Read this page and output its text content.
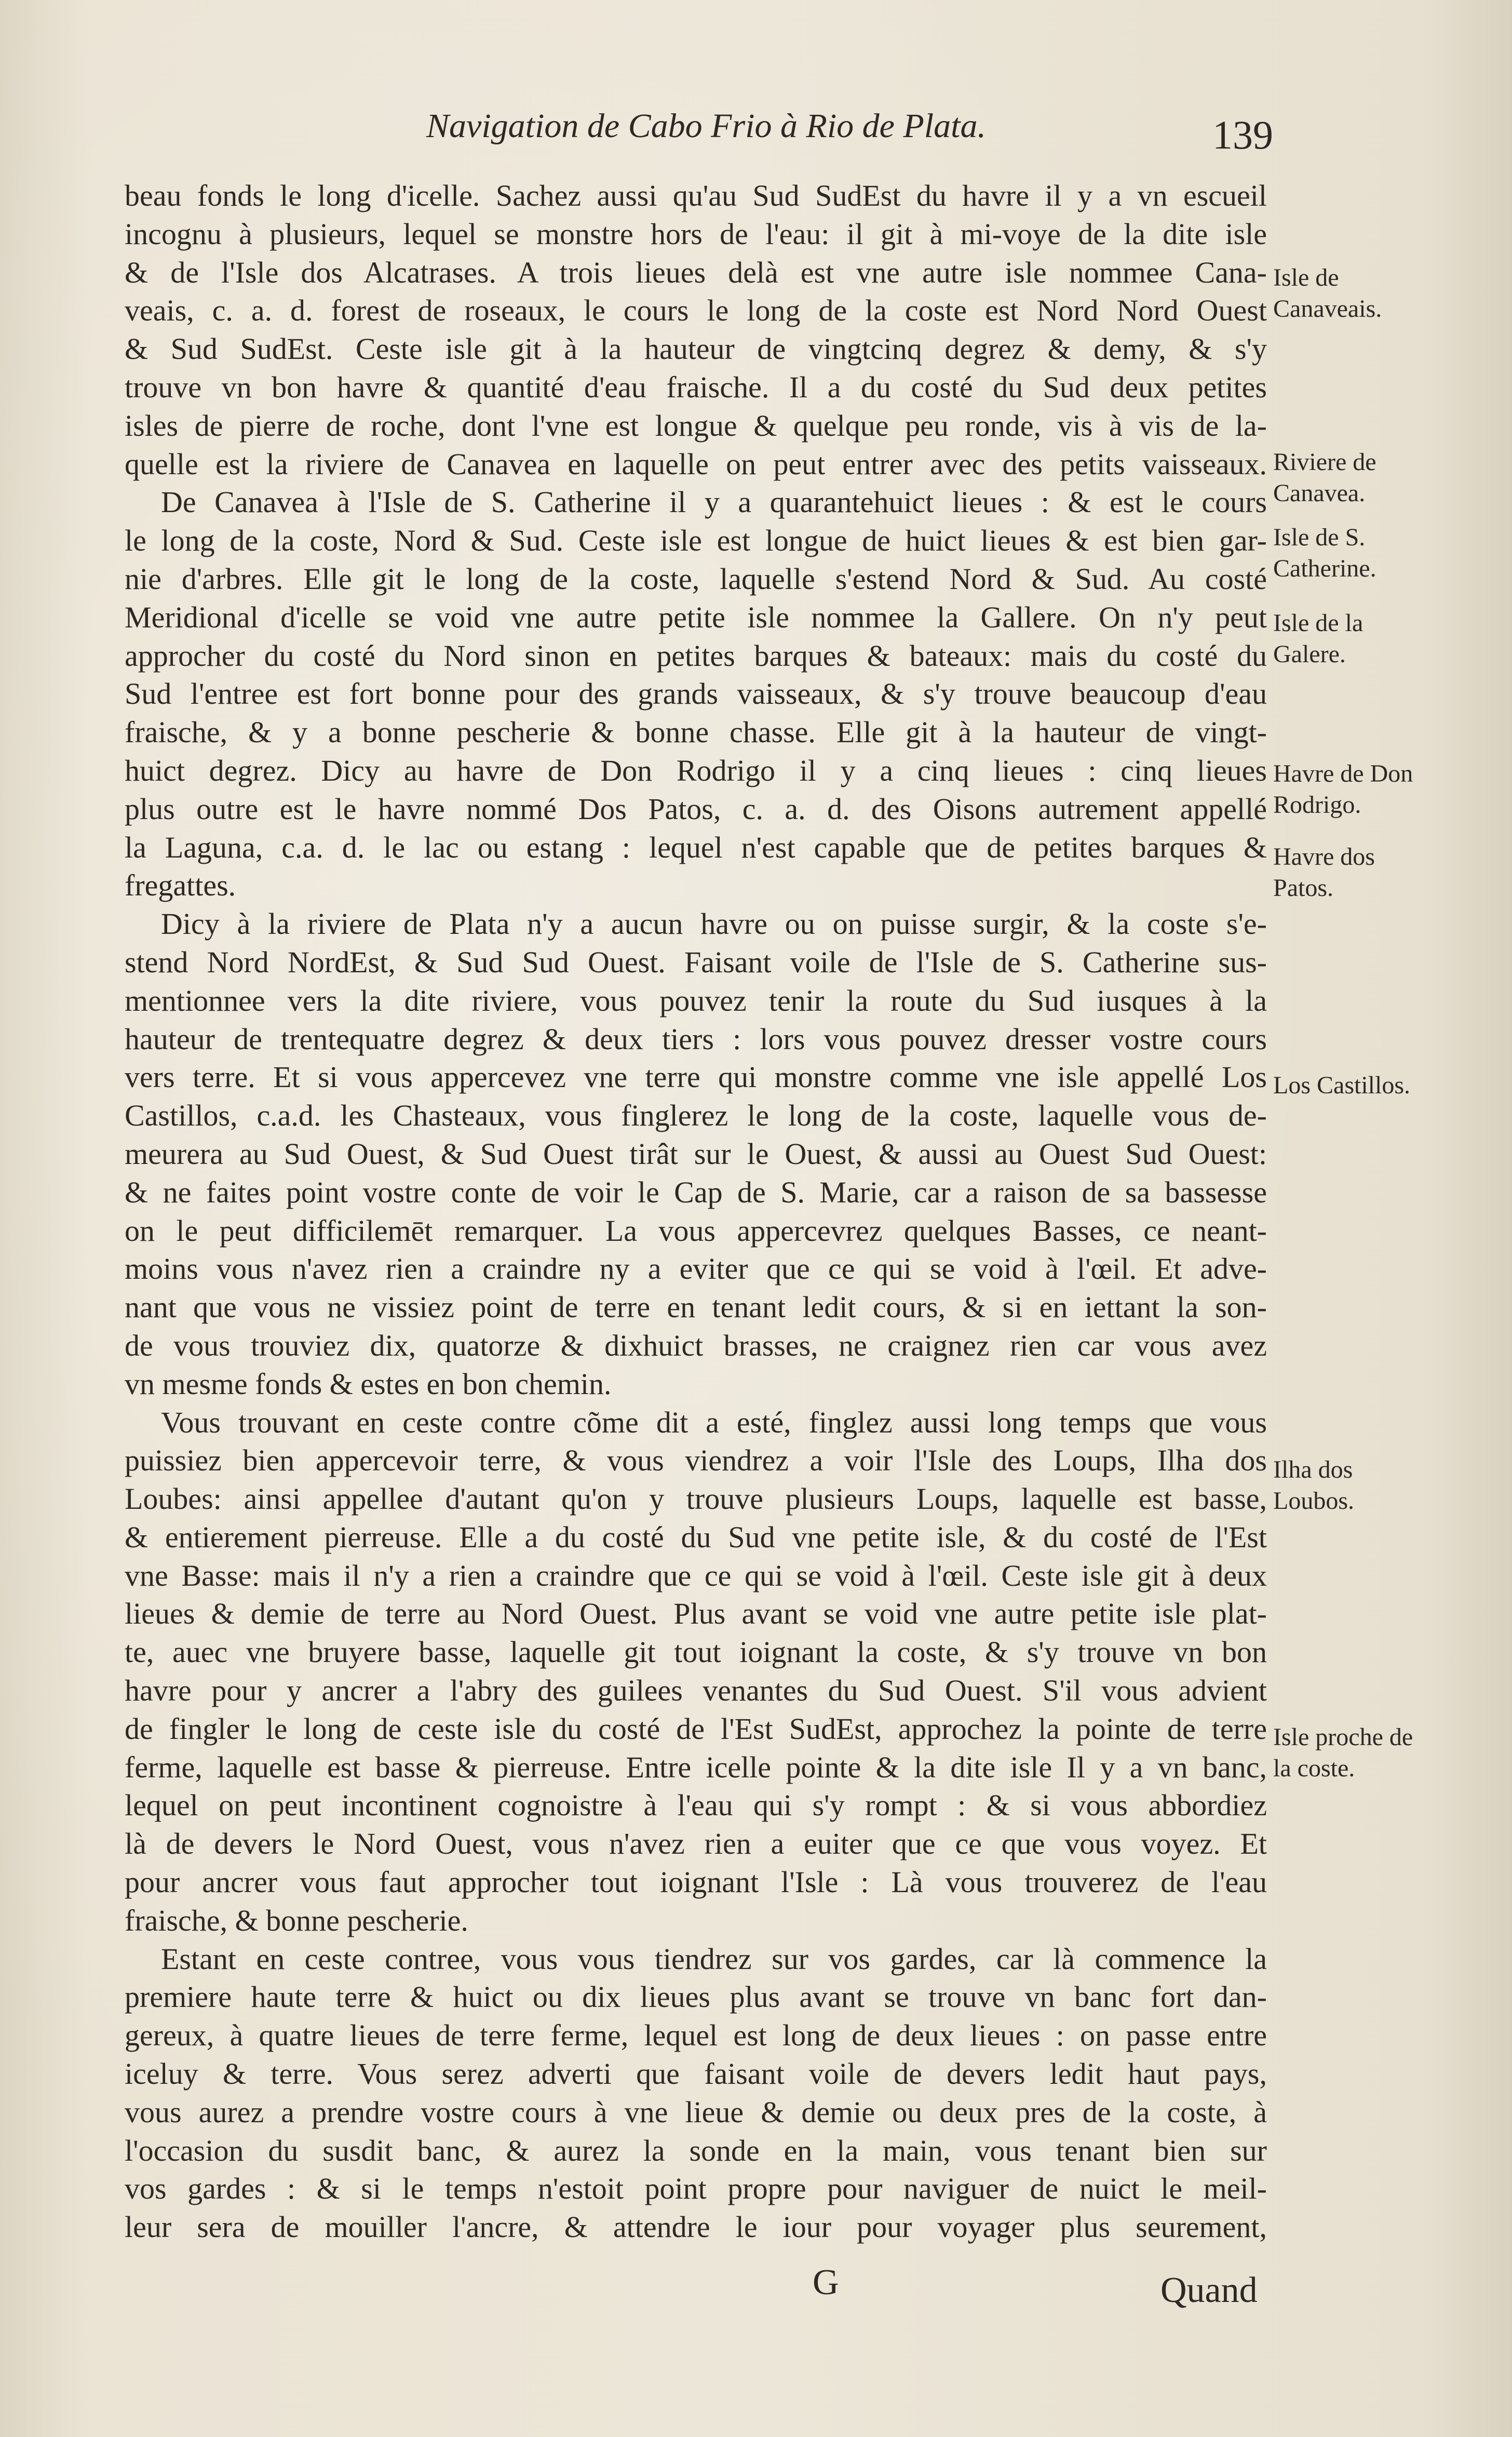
Navigation de Cabo Frio à Rio de Plata.	139
beau fonds le long d'icelle. Sachez aussi qu'au Sud SudEst du havre il y a vn escueil
incognu à plusieurs, lequel se monstre hors de l'eau: il git à mi-voye de la dite isle
& de l'Isle dos Alcatrases. A trois lieues delà est vne autre isle nommee Cana-
veais, c. a. d. forest de roseaux, le cours le long de la coste est Nord Nord Ouest
& Sud SudEst. Ceste isle git à la hauteur de vingtcinq degrez & demy, & s'y
trouve vn bon havre & quantité d'eau fraische. Il a du costé du Sud deux petites
isles de pierre de roche, dont l'vne est longue & quelque peu ronde, vis à vis de la-
quelle est la riviere de Canavea en laquelle on peut entrer avec des petits vaisseaux.
De Canavea à l'Isle de S. Catherine il y a quarantehuict lieues : & est le cours
le long de la coste, Nord & Sud. Ceste isle est longue de huict lieues & est bien gar-
nie d'arbres. Elle git le long de la coste, laquelle s'estend Nord & Sud. Au costé
Meridional d'icelle se void vne autre petite isle nommee la Gallere. On n'y peut
approcher du costé du Nord sinon en petites barques & bateaux: mais du costé du
Sud l'entree est fort bonne pour des grands vaisseaux, & s'y trouve beaucoup d'eau
fraische, & y a bonne pescherie & bonne chasse. Elle git à la hauteur de vingt-
huict degrez. Dicy au havre de Don Rodrigo il y a cinq lieues : cinq lieues
plus outre est le havre nommé Dos Patos, c. a. d. des Oisons autrement appellé
la Laguna, c.a. d. le lac ou estang : lequel n'est capable que de petites barques &
fregattes.
Dicy à la riviere de Plata n'y a aucun havre ou on puisse surgir, & la coste s'e-
stend Nord NordEst, & Sud Sud Ouest. Faisant voile de l'Isle de S. Catherine sus-
mentionnee vers la dite riviere, vous pouvez tenir la route du Sud iusques à la
hauteur de trentequatre degrez & deux tiers : lors vous pouvez dresser vostre cours
vers terre. Et si vous appercevez vne terre qui monstre comme vne isle appellé Los
Castillos, c.a.d. les Chasteaux, vous finglerez le long de la coste, laquelle vous de-
meurera au Sud Ouest, & Sud Ouest tirât sur le Ouest, & aussi au Ouest Sud Ouest:
& ne faites point vostre conte de voir le Cap de S. Marie, car a raison de sa bassesse
on le peut difficilemēt remarquer. La vous appercevrez quelques Basses, ce neant-
moins vous n'avez rien a craindre ny a eviter que ce qui se void à l'œil. Et adve-
nant que vous ne vissiez point de terre en tenant ledit cours, & si en iettant la son-
de vous trouviez dix, quatorze & dixhuict brasses, ne craignez rien car vous avez
vn mesme fonds & estes en bon chemin.
Vous trouvant en ceste contre cõme dit a esté, finglez aussi long temps que vous
puissiez bien appercevoir terre, & vous viendrez a voir l'Isle des Loups, Ilha dos
Loubes: ainsi appellee d'autant qu'on y trouve plusieurs Loups, laquelle est basse,
& entierement pierreuse. Elle a du costé du Sud vne petite isle, & du costé de l'Est
vne Basse: mais il n'y a rien a craindre que ce qui se void à l'œil. Ceste isle git à deux
lieues & demie de terre au Nord Ouest. Plus avant se void vne autre petite isle plat-
te, auec vne bruyere basse, laquelle git tout ioignant la coste, & s'y trouve vn bon
havre pour y ancrer a l'abry des guilees venantes du Sud Ouest. S'il vous advient
de fingler le long de ceste isle du costé de l'Est SudEst, approchez la pointe de terre
ferme, laquelle est basse & pierreuse. Entre icelle pointe & la dite isle Il y a vn banc,
lequel on peut incontinent cognoistre à l'eau qui s'y rompt : & si vous abbordiez
là de devers le Nord Ouest, vous n'avez rien a euiter que ce que vous voyez. Et
pour ancrer vous faut approcher tout ioignant l'Isle : Là vous trouverez de l'eau
fraische, & bonne pescherie.
Estant en ceste contree, vous vous tiendrez sur vos gardes, car là commence la
premiere haute terre & huict ou dix lieues plus avant se trouve vn banc fort dan-
gereux, à quatre lieues de terre ferme, lequel est long de deux lieues : on passe entre
iceluy & terre. Vous serez adverti que faisant voile de devers ledit haut pays,
vous aurez a prendre vostre cours à vne lieue & demie ou deux pres de la coste, à
l'occasion du susdit banc, & aurez la sonde en la main, vous tenant bien sur
vos gardes : & si le temps n'estoit point propre pour naviguer de nuict le meil-
leur sera de mouiller l'ancre, & attendre le iour pour voyager plus seurement,
Isle de Canaveais.
Riviere de Canavea.
Isle de S. Catherine.
Isle de la Galere.
Havre de Don Rodrigo.
Havre dos Patos.
Los Castillos.
Ilha dos Loubos.
Isle proche de la coste.
G	Quand
